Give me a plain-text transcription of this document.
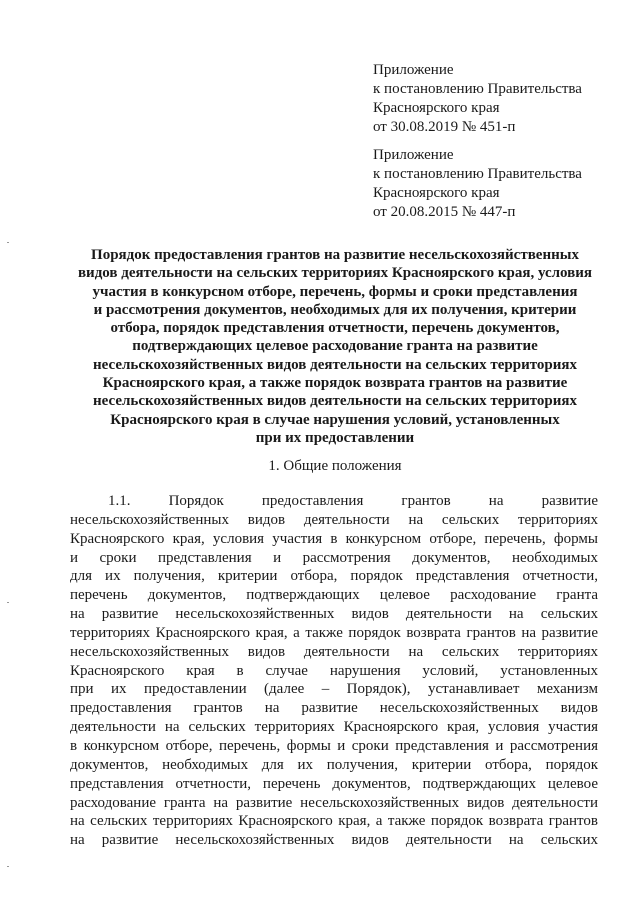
Приложение
к постановлению Правительства
Красноярского края
от 30.08.2019 № 451-п
Приложение
к постановлению Правительства
Красноярского края
от 20.08.2015 № 447-п
Порядок предоставления грантов на развитие несельскохозяйственных
видов деятельности на сельских территориях Красноярского края, условия
участия в конкурсном отборе, перечень, формы и сроки представления
и рассмотрения документов, необходимых для их получения, критерии
отбора, порядок представления отчетности, перечень документов,
подтверждающих целевое расходование гранта на развитие
несельскохозяйственных видов деятельности на сельских территориях
Красноярского края, а также порядок возврата грантов на развитие
несельскохозяйственных видов деятельности на сельских территориях
Красноярского края в случае нарушения условий, установленных
при их предоставлении
1. Общие положения
1.1. Порядок предоставления грантов на развитие
несельскохозяйственных видов деятельности на сельских территориях
Красноярского края, условия участия в конкурсном отборе, перечень, формы
и сроки представления и рассмотрения документов, необходимых
для их получения, критерии отбора, порядок представления отчетности,
перечень документов, подтверждающих целевое расходование гранта
на развитие несельскохозяйственных видов деятельности на сельских
территориях Красноярского края, а также порядок возврата грантов на развитие
несельскохозяйственных видов деятельности на сельских территориях
Красноярского края в случае нарушения условий, установленных
при их предоставлении (далее – Порядок), устанавливает механизм
предоставления грантов на развитие несельскохозяйственных видов
деятельности на сельских территориях Красноярского края, условия участия
в конкурсном отборе, перечень, формы и сроки представления и рассмотрения
документов, необходимых для их получения, критерии отбора, порядок
представления отчетности, перечень документов, подтверждающих целевое
расходование гранта на развитие несельскохозяйственных видов деятельности
на сельских территориях Красноярского края, а также порядок возврата грантов
на развитие несельскохозяйственных видов деятельности на сельских
